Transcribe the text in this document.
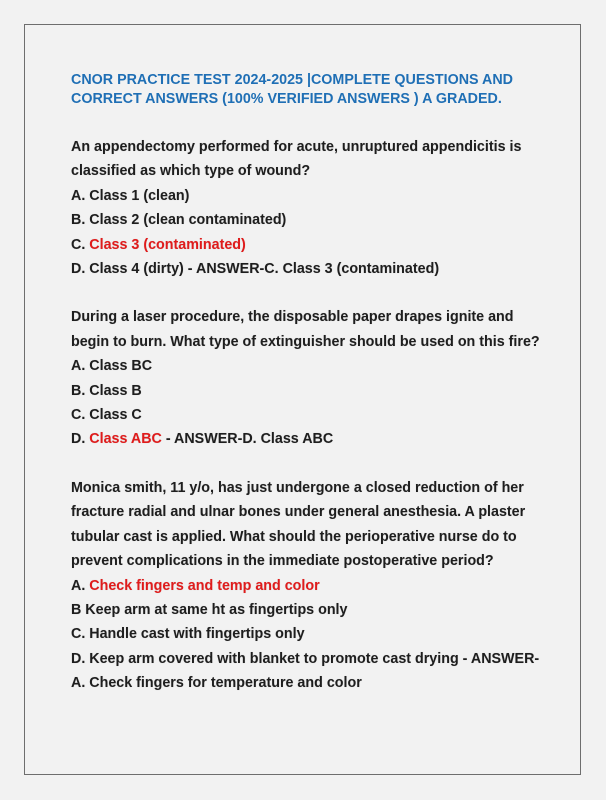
CNOR PRACTICE TEST 2024-2025 |COMPLETE QUESTIONS AND
CORRECT ANSWERS (100% VERIFIED ANSWERS ) A GRADED.
An appendectomy performed for acute, unruptured appendicitis is
classified as which type of wound?
A. Class 1 (clean)
B. Class 2 (clean contaminated)
C. Class 3 (contaminated)
D. Class 4 (dirty) - ANSWER-C. Class 3 (contaminated)
During a laser procedure, the disposable paper drapes ignite and
begin to burn. What type of extinguisher should be used on this fire?
A. Class BC
B. Class B
C. Class C
D. Class ABC - ANSWER-D. Class ABC
Monica smith, 11 y/o, has just undergone a closed reduction of her
fracture radial and ulnar bones under general anesthesia. A plaster
tubular cast is applied. What should the perioperative nurse do to
prevent complications in the immediate postoperative period?
A. Check fingers and temp and color
B Keep arm at same ht as fingertips only
C. Handle cast with fingertips only
D. Keep arm covered with blanket to promote cast drying - ANSWER-
A. Check fingers for temperature and color
